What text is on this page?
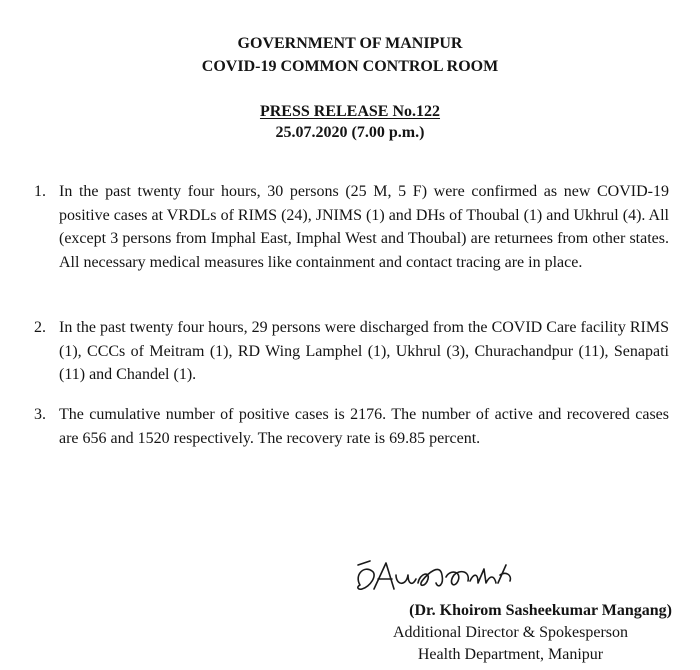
GOVERNMENT OF MANIPUR
COVID-19 COMMON CONTROL ROOM
PRESS RELEASE No.122
25.07.2020 (7.00 p.m.)
1. In the past twenty four hours, 30 persons (25 M, 5 F) were confirmed as new COVID-19 positive cases at VRDLs of RIMS (24), JNIMS (1) and DHs of Thoubal (1) and Ukhrul (4). All (except 3 persons from Imphal East, Imphal West and Thoubal) are returnees from other states. All necessary medical measures like containment and contact tracing are in place.
2. In the past twenty four hours, 29 persons were discharged from the COVID Care facility RIMS (1), CCCs of Meitram (1), RD Wing Lamphel (1), Ukhrul (3), Churachandpur (11), Senapati (11) and Chandel (1).
3. The cumulative number of positive cases is 2176. The number of active and recovered cases are 656 and 1520 respectively. The recovery rate is 69.85 percent.
(Dr. Khoirom Sasheekumar Mangang)
Additional Director & Spokesperson
Health Department, Manipur
